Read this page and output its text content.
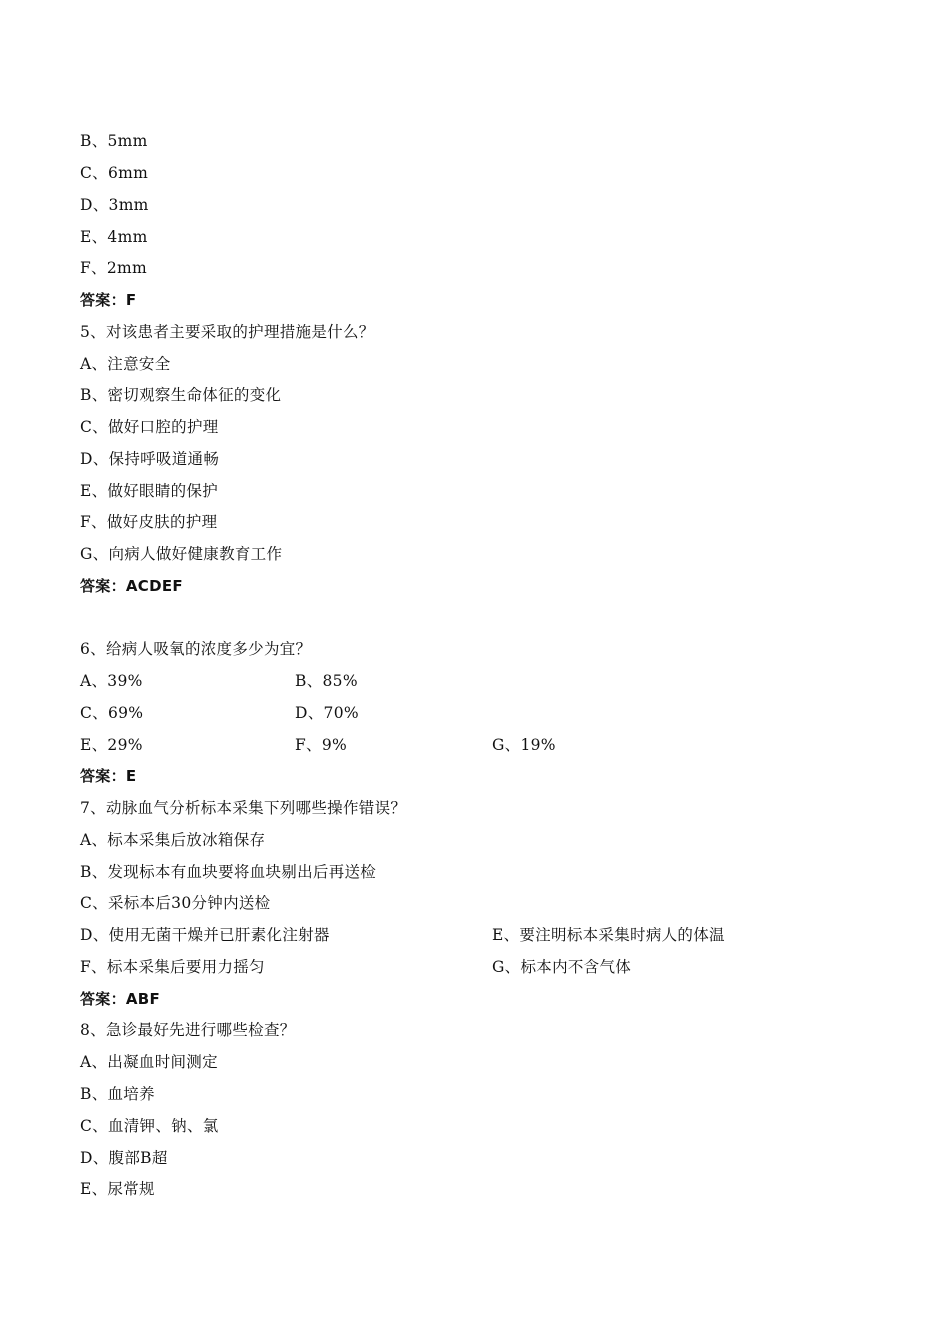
B、5mm
C、6mm
D、3mm
E、4mm
F、2mm
答案：F
5、对该患者主要采取的护理措施是什么？
A、注意安全
B、密切观察生命体征的变化
C、做好口腔的护理
D、保持呼吸道通畅
E、做好眼睛的保护
F、做好皮肤的护理
G、向病人做好健康教育工作
答案：ACDEF
6、给病人吸氧的浓度多少为宜？
A、39%	B、85%
C、69%	D、70%
E、29%	F、9%	G、19%
答案：E
7、动脉血气分析标本采集下列哪些操作错误？
A、标本采集后放冰箱保存
B、发现标本有血块要将血块剔出后再送检
C、采标本后30分钟内送检
D、使用无菌干燥并已肝素化注射器	E、要注明标本采集时病人的体温
F、标本采集后要用力摇匀	G、标本内不含气体
答案：ABF
8、急诊最好先进行哪些检查？
A、出凝血时间测定
B、血培养
C、血清钾、钠、氯
D、腹部B超
E、尿常规
